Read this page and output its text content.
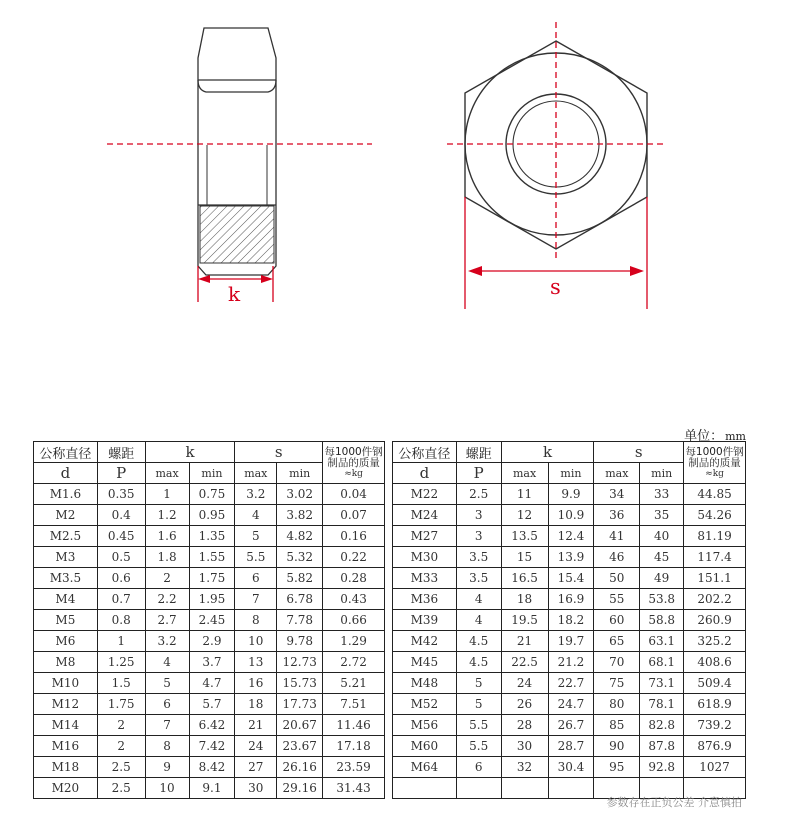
k	s
单位： mm
公称直径	螺距	k		s		每1000件钢
制品的质量
≈kg

d	P	max	min	max	min	
M1.6	0.35	1	0.75	3.2	3.02	0.04
M2	0.4	1.2	0.95	4	3.82	0.07
M2.5	0.45	1.6	1.35	5	4.82	0.16
M3	0.5	1.8	1.55	5.5	5.32	0.22
M3.5	0.6	2	1.75	6	5.82	0.28
M4	0.7	2.2	1.95	7	6.78	0.43
M5	0.8	2.7	2.45	8	7.78	0.66
M6	1	3.2	2.9	10	9.78	1.29
M8	1.25	4	3.7	13	12.73	2.72
M10	1.5	5	4.7	16	15.73	5.21
M12	1.75	6	5.7	18	17.73	7.51
M14	2	7	6.42	21	20.67	11.46
M16	2	8	7.42	24	23.67	17.18
M18	2.5	9	8.42	27	26.16	23.59
M20	2.5	10	9.1	30	29.16	31.43
公称直径	螺距	k		s		每1000件钢
制品的质量
≈kg

d	P	max	min	max	min	
M22	2.5	11	9.9	34	33	44.85
M24	3	12	10.9	36	35	54.26
M27	3	13.5	12.4	41	40	81.19
M30	3.5	15	13.9	46	45	117.4
M33	3.5	16.5	15.4	50	49	151.1
M36	4	18	16.9	55	53.8	202.2
M39	4	19.5	18.2	60	58.8	260.9
M42	4.5	21	19.7	65	63.1	325.2
M45	4.5	22.5	21.2	70	68.1	408.6
M48	5	24	22.7	75	73.1	509.4
M52	5	26	24.7	80	78.1	618.9
M56	5.5	28	26.7	85	82.8	739.2
M60	5.5	30	28.7	90	87.8	876.9
M64	6	32	30.4	95	92.8	1027

参数存在正负公差 介意慎拍
